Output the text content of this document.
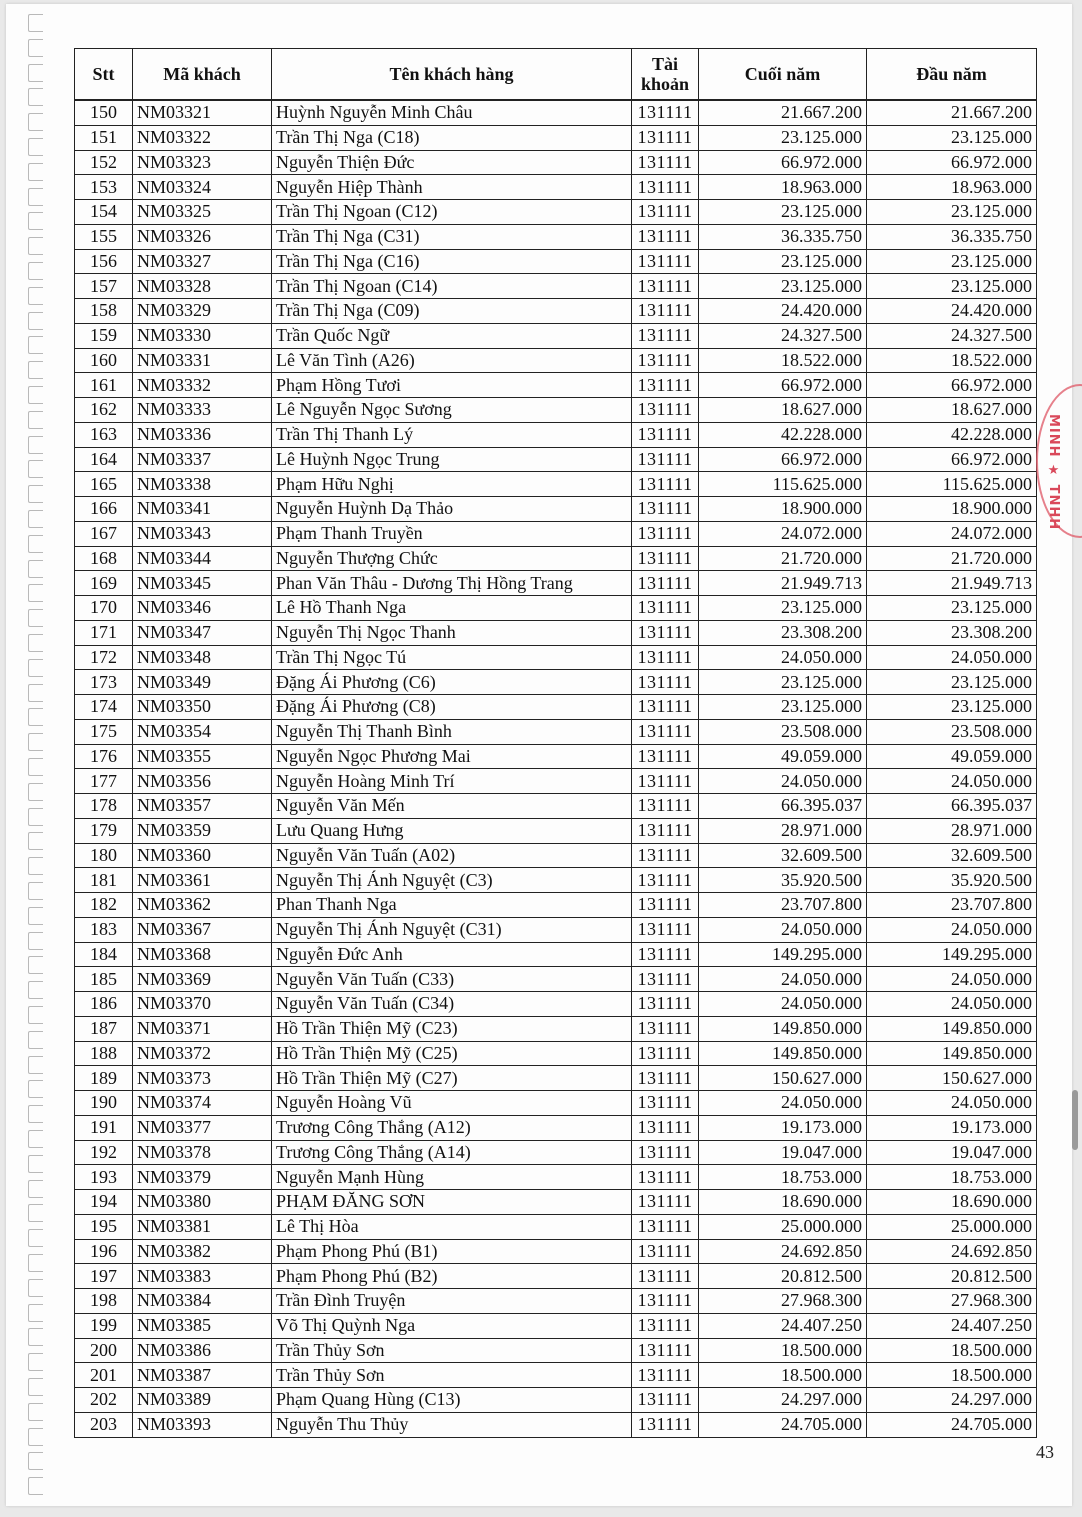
Stt	Mã khách	Tên khách hàng	Tài khoản	Cuối năm	Đầu năm
150	NM03321	Huỳnh Nguyễn Minh Châu	131111	21.667.200	21.667.200
151	NM03322	Trần Thị Nga (C18)	131111	23.125.000	23.125.000
152	NM03323	Nguyễn Thiện Đức	131111	66.972.000	66.972.000
153	NM03324	Nguyễn Hiệp Thành	131111	18.963.000	18.963.000
154	NM03325	Trần Thị Ngoan (C12)	131111	23.125.000	23.125.000
155	NM03326	Trần Thị Nga (C31)	131111	36.335.750	36.335.750
156	NM03327	Trần Thị Nga (C16)	131111	23.125.000	23.125.000
157	NM03328	Trần Thị Ngoan (C14)	131111	23.125.000	23.125.000
158	NM03329	Trần Thị Nga (C09)	131111	24.420.000	24.420.000
159	NM03330	Trần Quốc Ngữ	131111	24.327.500	24.327.500
160	NM03331	Lê Văn Tình (A26)	131111	18.522.000	18.522.000
161	NM03332	Phạm Hồng Tươi	131111	66.972.000	66.972.000
162	NM03333	Lê Nguyễn Ngọc Sương	131111	18.627.000	18.627.000
163	NM03336	Trần Thị Thanh Lý	131111	42.228.000	42.228.000
164	NM03337	Lê Huỳnh Ngọc Trung	131111	66.972.000	66.972.000
165	NM03338	Phạm Hữu Nghị	131111	115.625.000	115.625.000
166	NM03341	Nguyễn Huỳnh Dạ Thảo	131111	18.900.000	18.900.000
167	NM03343	Phạm Thanh Truyền	131111	24.072.000	24.072.000
168	NM03344	Nguyễn Thượng Chức	131111	21.720.000	21.720.000
169	NM03345	Phan Văn Thâu - Dương Thị Hồng Trang	131111	21.949.713	21.949.713
170	NM03346	Lê Hồ Thanh Nga	131111	23.125.000	23.125.000
171	NM03347	Nguyễn Thị Ngọc Thanh	131111	23.308.200	23.308.200
172	NM03348	Trần Thị Ngọc Tú	131111	24.050.000	24.050.000
173	NM03349	Đặng Ái Phương (C6)	131111	23.125.000	23.125.000
174	NM03350	Đặng Ái Phương (C8)	131111	23.125.000	23.125.000
175	NM03354	Nguyễn Thị Thanh Bình	131111	23.508.000	23.508.000
176	NM03355	Nguyễn Ngọc Phương Mai	131111	49.059.000	49.059.000
177	NM03356	Nguyễn Hoàng Minh Trí	131111	24.050.000	24.050.000
178	NM03357	Nguyễn Văn Mến	131111	66.395.037	66.395.037
179	NM03359	Lưu Quang Hưng	131111	28.971.000	28.971.000
180	NM03360	Nguyễn Văn Tuấn (A02)	131111	32.609.500	32.609.500
181	NM03361	Nguyễn Thị Ánh Nguyệt (C3)	131111	35.920.500	35.920.500
182	NM03362	Phan Thanh Nga	131111	23.707.800	23.707.800
183	NM03367	Nguyễn Thị Ánh Nguyệt (C31)	131111	24.050.000	24.050.000
184	NM03368	Nguyễn Đức Anh	131111	149.295.000	149.295.000
185	NM03369	Nguyễn Văn Tuấn (C33)	131111	24.050.000	24.050.000
186	NM03370	Nguyễn Văn Tuấn (C34)	131111	24.050.000	24.050.000
187	NM03371	Hồ Trần Thiện Mỹ (C23)	131111	149.850.000	149.850.000
188	NM03372	Hồ Trần Thiện Mỹ (C25)	131111	149.850.000	149.850.000
189	NM03373	Hồ Trần Thiện Mỹ (C27)	131111	150.627.000	150.627.000
190	NM03374	Nguyễn Hoàng Vũ	131111	24.050.000	24.050.000
191	NM03377	Trương Công Thắng (A12)	131111	19.173.000	19.173.000
192	NM03378	Trương Công Thắng (A14)	131111	19.047.000	19.047.000
193	NM03379	Nguyễn Mạnh Hùng	131111	18.753.000	18.753.000
194	NM03380	PHẠM ĐĂNG SƠN	131111	18.690.000	18.690.000
195	NM03381	Lê Thị Hòa	131111	25.000.000	25.000.000
196	NM03382	Phạm Phong Phú (B1)	131111	24.692.850	24.692.850
197	NM03383	Phạm Phong Phú (B2)	131111	20.812.500	20.812.500
198	NM03384	Trần Đình Truyện	131111	27.968.300	27.968.300
199	NM03385	Võ Thị Quỳnh Nga	131111	24.407.250	24.407.250
200	NM03386	Trần Thủy Sơn	131111	18.500.000	18.500.000
201	NM03387	Trần Thủy Sơn	131111	18.500.000	18.500.000
202	NM03389	Phạm Quang Hùng (C13)	131111	24.297.000	24.297.000
203	NM03393	Nguyễn Thu Thủy	131111	24.705.000	24.705.000
MINH ★ TNHH
43
